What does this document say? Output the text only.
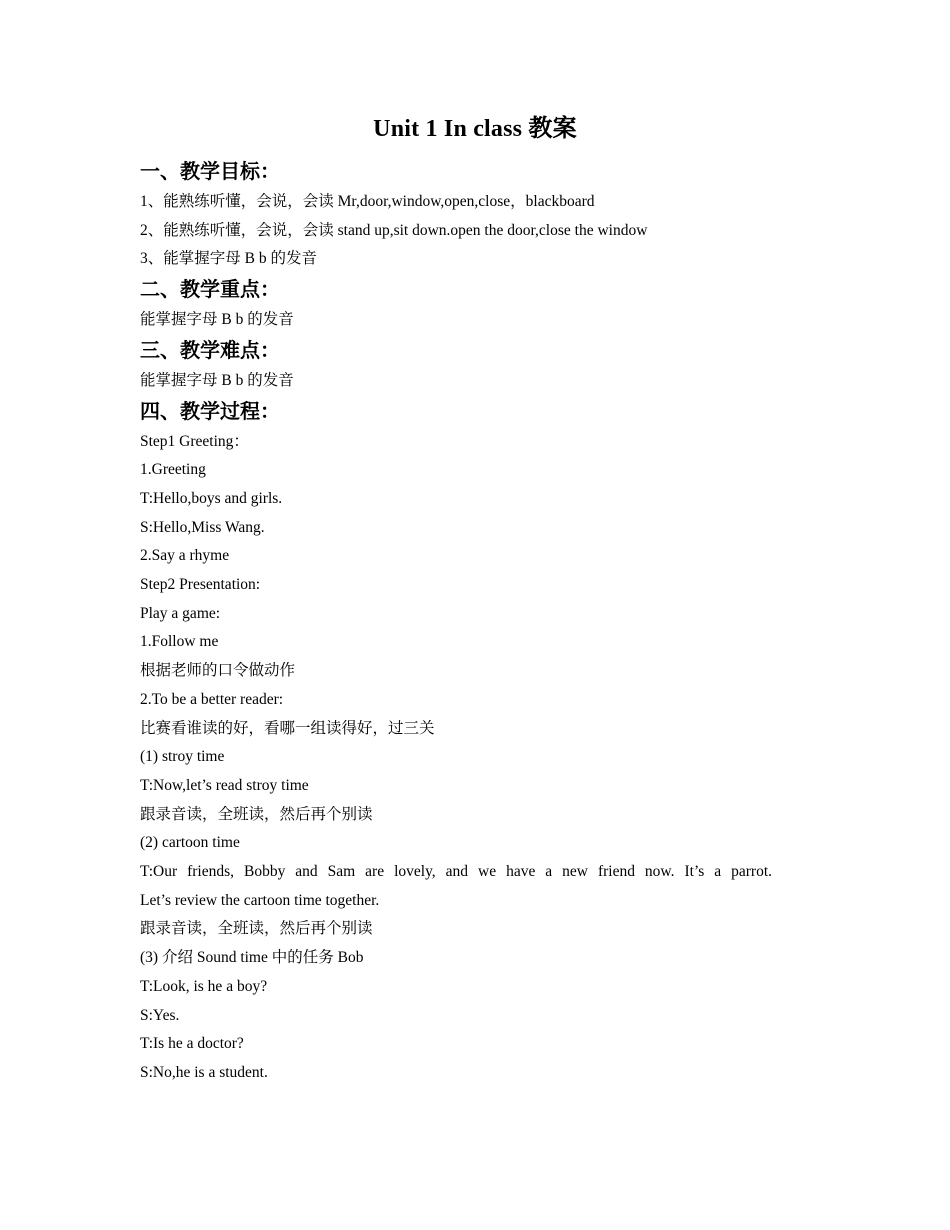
Unit 1 In class 教案
一、教学目标：
1、能熟练听懂，会说，会读 Mr,door,window,open,close，blackboard
2、能熟练听懂，会说，会读 stand up,sit down.open the door,close the window
3、能掌握字母 B b 的发音
二、教学重点：
能掌握字母 B b 的发音
三、教学难点：
能掌握字母 B b 的发音
四、教学过程：
Step1 Greeting：
1.Greeting
T:Hello,boys and girls.
S:Hello,Miss Wang.
2.Say a rhyme
Step2 Presentation:
Play a game:
1.Follow me
根据老师的口令做动作
2.To be a better reader:
比赛看谁读的好，看哪一组读得好，过三关
(1) stroy time
T:Now,let’s read stroy time
跟录音读，全班读，然后再个别读
(2) cartoon time
T:Our friends, Bobby and Sam are lovely, and we have a new friend now. It’s a parrot.
Let’s review the cartoon time together.
跟录音读，全班读，然后再个别读
(3) 介绍 Sound time 中的任务 Bob
T:Look, is he a boy?
S:Yes.
T:Is he a doctor?
S:No,he is a student.
